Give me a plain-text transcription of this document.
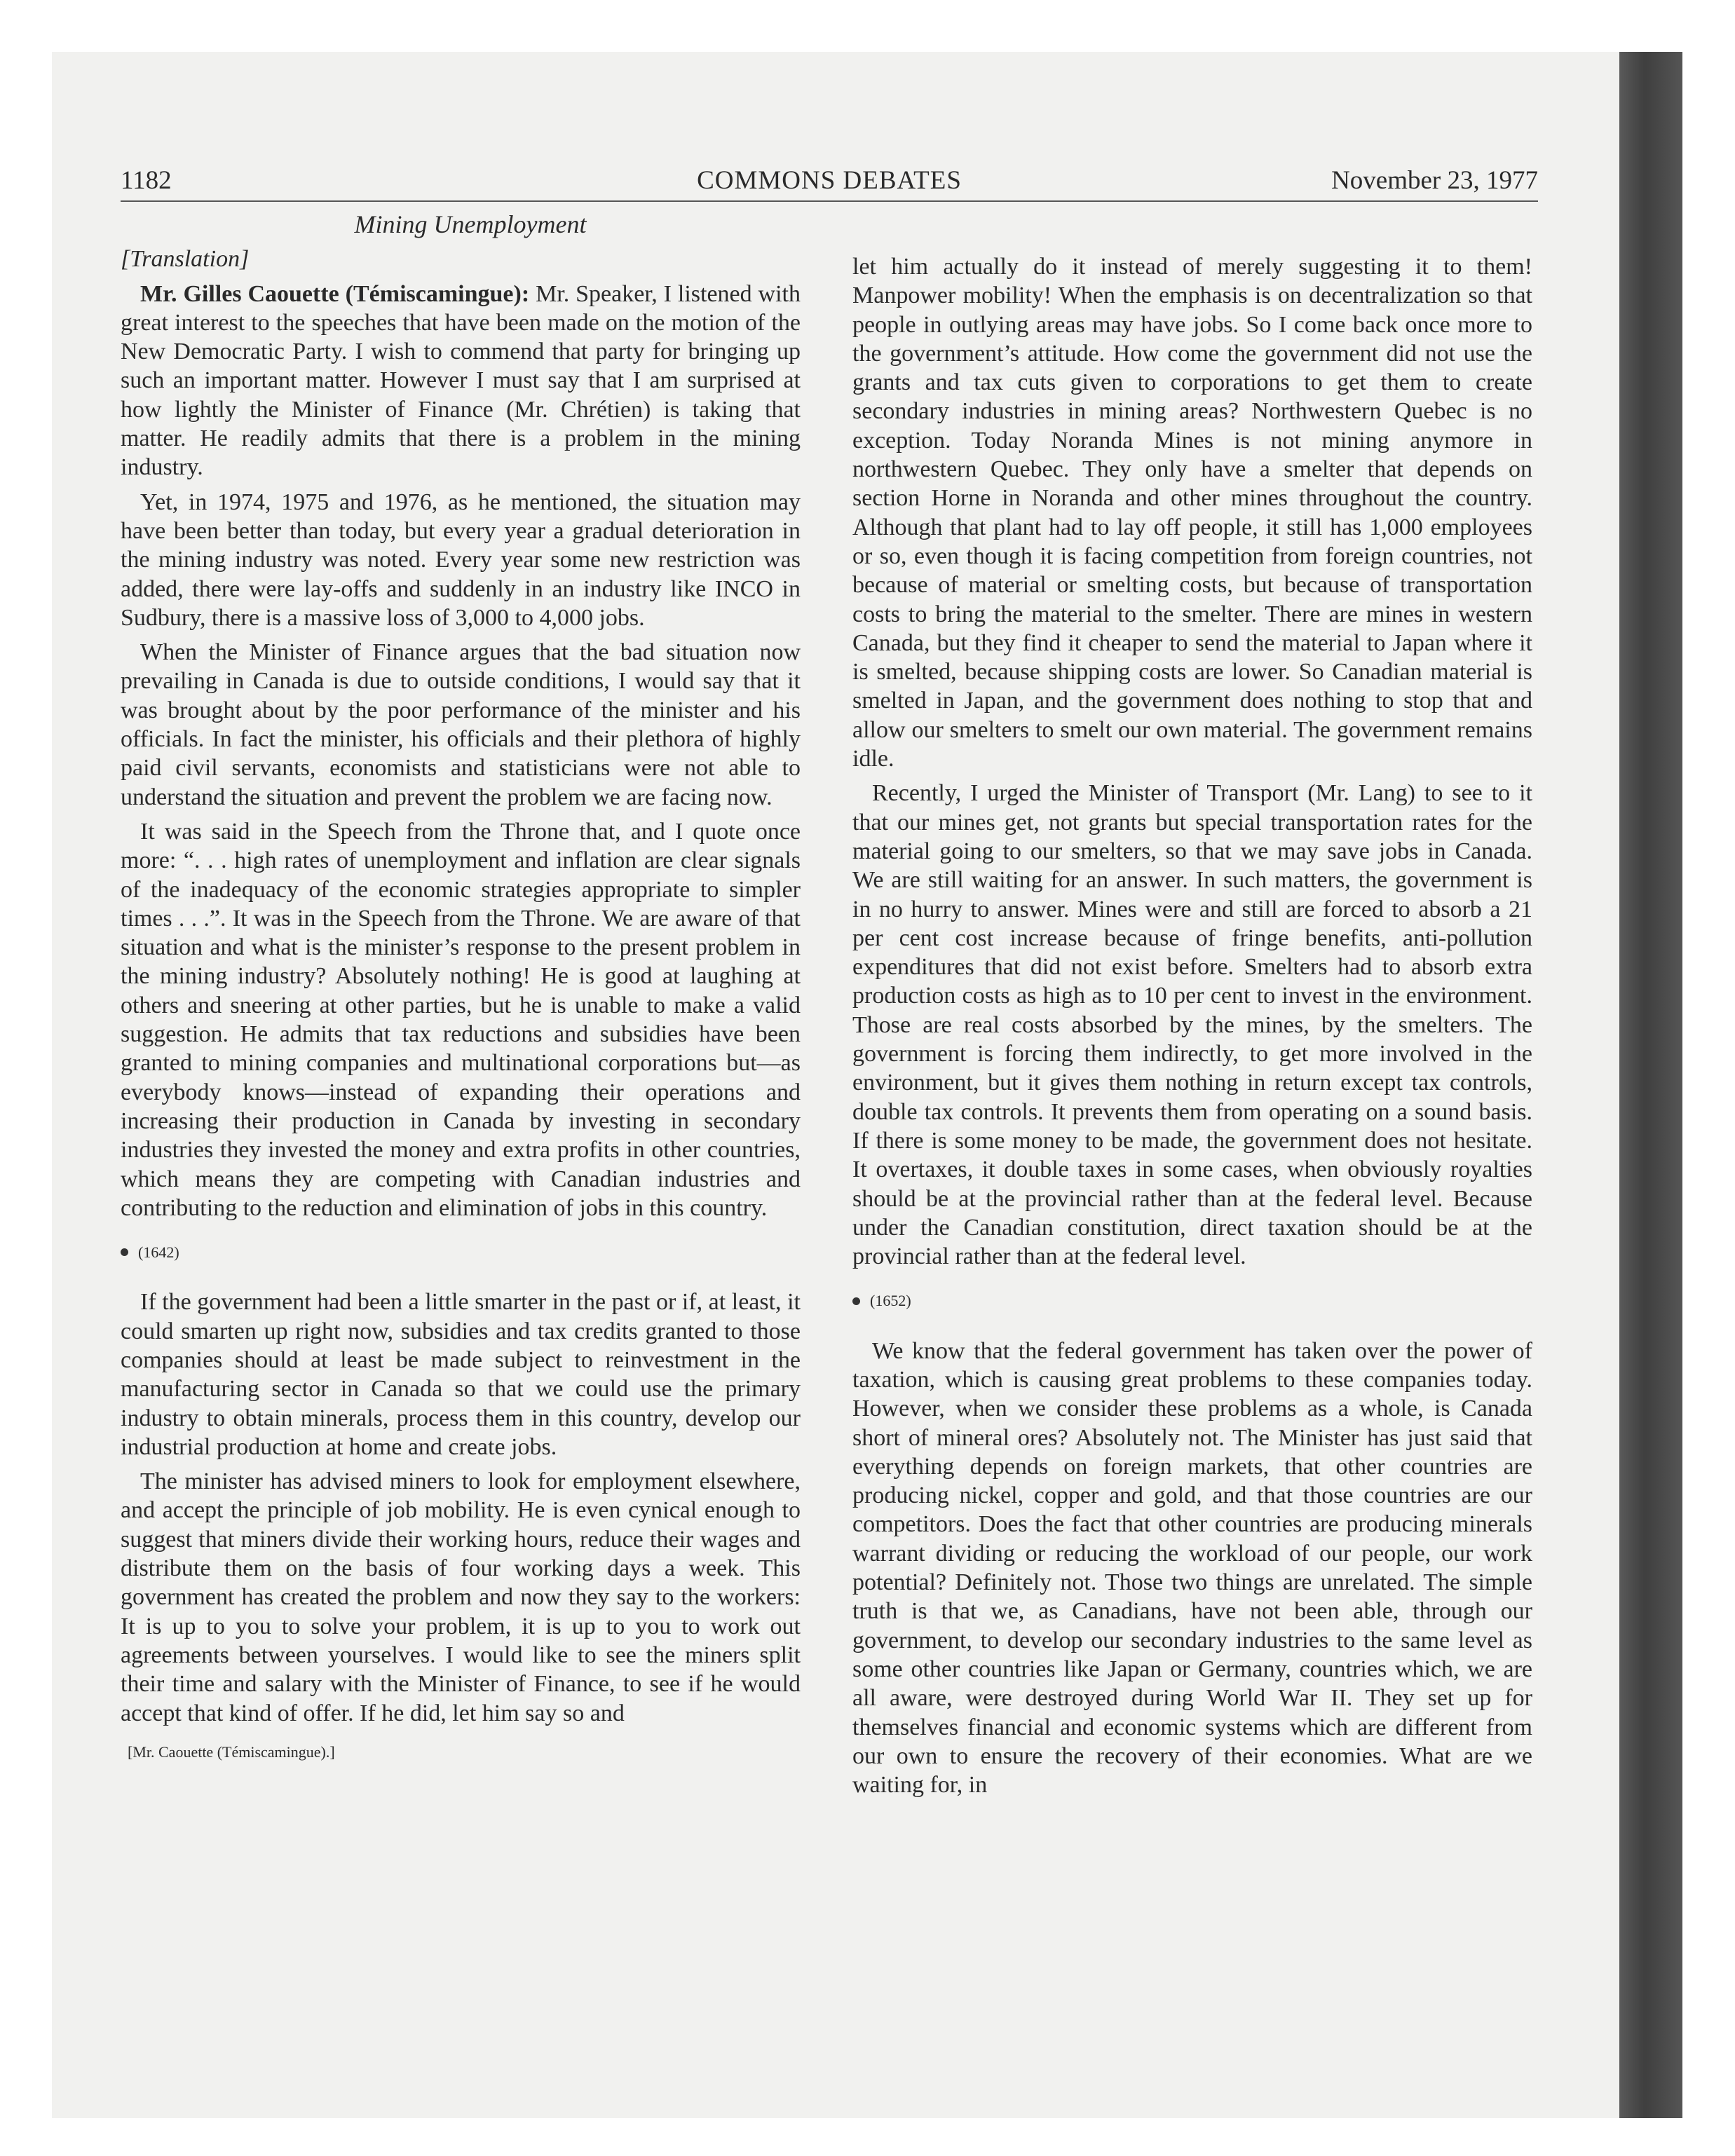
COMMONS DEBATES
1182	November 23, 1977

Mining Unemployment

[Translation]

Mr. Gilles Caouette (Témiscamingue): Mr. Speaker, I listened with great interest to the speeches that have been made on the motion of the New Democratic Party. I wish to commend that party for bringing up such an important matter. However I must say that I am surprised at how lightly the Minister of Finance (Mr. Chrétien) is taking that matter. He readily admits that there is a problem in the mining industry.

Yet, in 1974, 1975 and 1976, as he mentioned, the situation may have been better than today, but every year a gradual deterioration in the mining industry was noted. Every year some new restriction was added, there were lay-offs and suddenly in an industry like INCO in Sudbury, there is a massive loss of 3,000 to 4,000 jobs.

When the Minister of Finance argues that the bad situation now prevailing in Canada is due to outside conditions, I would say that it was brought about by the poor performance of the minister and his officials. In fact the minister, his officials and their plethora of highly paid civil servants, economists and statisticians were not able to understand the situation and prevent the problem we are facing now.

It was said in the Speech from the Throne that, and I quote once more: “. . . high rates of unemployment and inflation are clear signals of the inadequacy of the economic strategies appropriate to simpler times . . .”. It was in the Speech from the Throne. We are aware of that situation and what is the minister’s response to the present problem in the mining industry? Absolutely nothing! He is good at laughing at others and sneering at other parties, but he is unable to make a valid suggestion. He admits that tax reductions and subsidies have been granted to mining companies and multinational corporations but—as everybody knows—instead of expanding their operations and increasing their production in Canada by investing in secondary industries they invested the money and extra profits in other countries, which means they are competing with Canadian industries and contributing to the reduction and elimination of jobs in this country.

(1642)

If the government had been a little smarter in the past or if, at least, it could smarten up right now, subsidies and tax credits granted to those companies should at least be made subject to reinvestment in the manufacturing sector in Canada so that we could use the primary industry to obtain minerals, process them in this country, develop our industrial production at home and create jobs.

The minister has advised miners to look for employment elsewhere, and accept the principle of job mobility. He is even cynical enough to suggest that miners divide their working hours, reduce their wages and distribute them on the basis of four working days a week. This government has created the problem and now they say to the workers: It is up to you to solve your problem, it is up to you to work out agreements between yourselves. I would like to see the miners split their time and salary with the Minister of Finance, to see if he would accept that kind of offer. If he did, let him say so and

[Mr. Caouette (Témiscamingue).]

let him actually do it instead of merely suggesting it to them! Manpower mobility! When the emphasis is on decentralization so that people in outlying areas may have jobs. So I come back once more to the government’s attitude. How come the government did not use the grants and tax cuts given to corporations to get them to create secondary industries in mining areas? Northwestern Quebec is no exception. Today Noranda Mines is not mining anymore in northwestern Quebec. They only have a smelter that depends on section Horne in Noranda and other mines throughout the country. Although that plant had to lay off people, it still has 1,000 employees or so, even though it is facing competition from foreign countries, not because of material or smelting costs, but because of transportation costs to bring the material to the smelter. There are mines in western Canada, but they find it cheaper to send the material to Japan where it is smelted, because shipping costs are lower. So Canadian material is smelted in Japan, and the government does nothing to stop that and allow our smelters to smelt our own material. The government remains idle.

Recently, I urged the Minister of Transport (Mr. Lang) to see to it that our mines get, not grants but special transportation rates for the material going to our smelters, so that we may save jobs in Canada. We are still waiting for an answer. In such matters, the government is in no hurry to answer. Mines were and still are forced to absorb a 21 per cent cost increase because of fringe benefits, anti-pollution expenditures that did not exist before. Smelters had to absorb extra production costs as high as to 10 per cent to invest in the environment. Those are real costs absorbed by the mines, by the smelters. The government is forcing them indirectly, to get more involved in the environment, but it gives them nothing in return except tax controls, double tax controls. It prevents them from operating on a sound basis. If there is some money to be made, the government does not hesitate. It overtaxes, it double taxes in some cases, when obviously royalties should be at the provincial rather than at the federal level. Because under the Canadian constitution, direct taxation should be at the provincial rather than at the federal level.

(1652)

We know that the federal government has taken over the power of taxation, which is causing great problems to these companies today. However, when we consider these problems as a whole, is Canada short of mineral ores? Absolutely not. The Minister has just said that everything depends on foreign markets, that other countries are producing nickel, copper and gold, and that those countries are our competitors. Does the fact that other countries are producing minerals warrant dividing or reducing the workload of our people, our work potential? Definitely not. Those two things are unrelated. The simple truth is that we, as Canadians, have not been able, through our government, to develop our secondary industries to the same level as some other countries like Japan or Germany, countries which, we are all aware, were destroyed during World War II. They set up for themselves financial and economic systems which are different from our own to ensure the recovery of their economies. What are we waiting for, in
